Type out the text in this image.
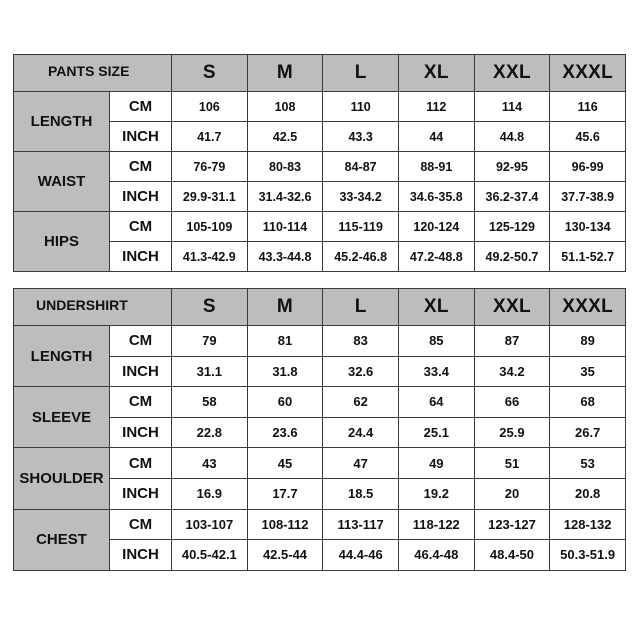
PANTS SIZE		S	M	L	XL	XXL	XXXL
LENGTH	CM	106	108	110	112	114	116
	INCH	41.7	42.5	43.3	44	44.8	45.6
WAIST	CM	76-79	80-83	84-87	88-91	92-95	96-99
	INCH	29.9-31.1	31.4-32.6	33-34.2	34.6-35.8	36.2-37.4	37.7-38.9
HIPS	CM	105-109	110-114	115-119	120-124	125-129	130-134
	INCH	41.3-42.9	43.3-44.8	45.2-46.8	47.2-48.8	49.2-50.7	51.1-52.7
UNDERSHIRT		S	M	L	XL	XXL	XXXL
LENGTH	CM	79	81	83	85	87	89
	INCH	31.1	31.8	32.6	33.4	34.2	35
SLEEVE	CM	58	60	62	64	66	68
	INCH	22.8	23.6	24.4	25.1	25.9	26.7
SHOULDER	CM	43	45	47	49	51	53
	INCH	16.9	17.7	18.5	19.2	20	20.8
CHEST	CM	103-107	108-112	113-117	118-122	123-127	128-132
	INCH	40.5-42.1	42.5-44	44.4-46	46.4-48	48.4-50	50.3-51.9
